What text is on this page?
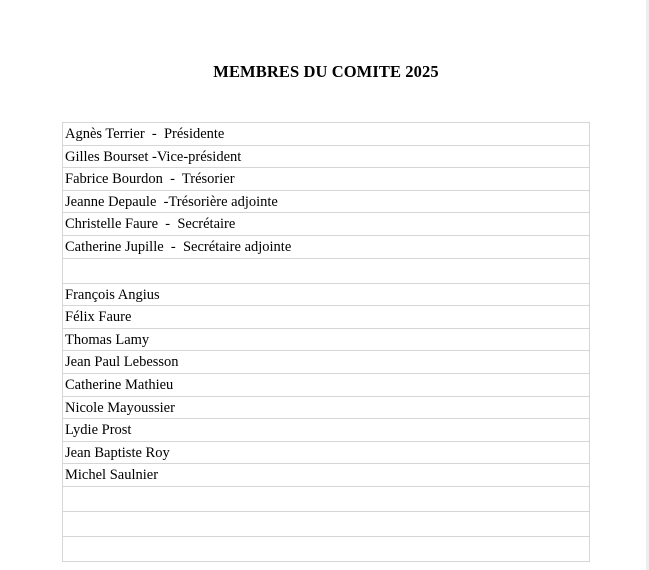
MEMBRES DU COMITE 2025
Agnès Terrier  -  Présidente
Gilles Bourset -Vice-président
Fabrice Bourdon  -  Trésorier
Jeanne Depaule  -Trésorière adjointe
Christelle Faure  -  Secrétaire
Catherine Jupille  -  Secrétaire adjointe
François Angius
Félix Faure
Thomas Lamy
Jean Paul Lebesson
Catherine Mathieu
Nicole Mayoussier
Lydie Prost
Jean Baptiste Roy
Michel Saulnier
